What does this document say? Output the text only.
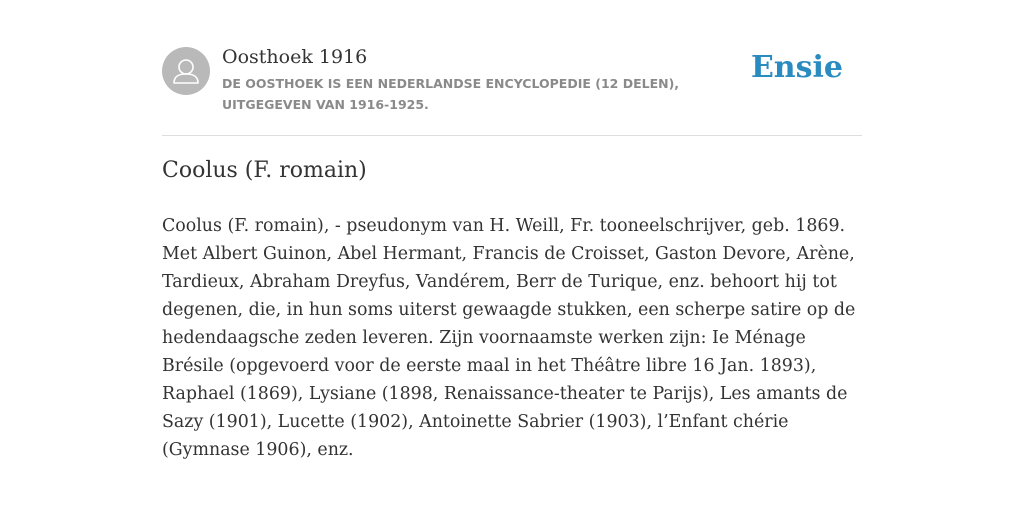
Oosthoek 1916
DE OOSTHOEK IS EEN NEDERLANDSE ENCYCLOPEDIE (12 DELEN), UITGEGEVEN VAN 1916-1925.
Ensie
Coolus (F. romain)

Coolus (F. romain), - pseudonym van H. Weill, Fr. tooneelschrijver, geb. 1869. Met Albert Guinon, Abel Hermant, Francis de Croisset, Gaston Devore, Arène, Tardieux, Abraham Dreyfus, Vandérem, Berr de Turique, enz. behoort hij tot degenen, die, in hun soms uiterst gewaagde stukken, een scherpe satire op de hedendaagsche zeden leveren. Zijn voornaamste werken zijn: Ie Ménage Brésile (opgevoerd voor de eerste maal in het Théâtre libre 16 Jan. 1893), Raphael (1869), Lysiane (1898, Renaissance-theater te Parijs), Les amants de Sazy (1901), Lucette (1902), Antoinette Sabrier (1903), l’Enfant chérie (Gymnase 1906), enz.
